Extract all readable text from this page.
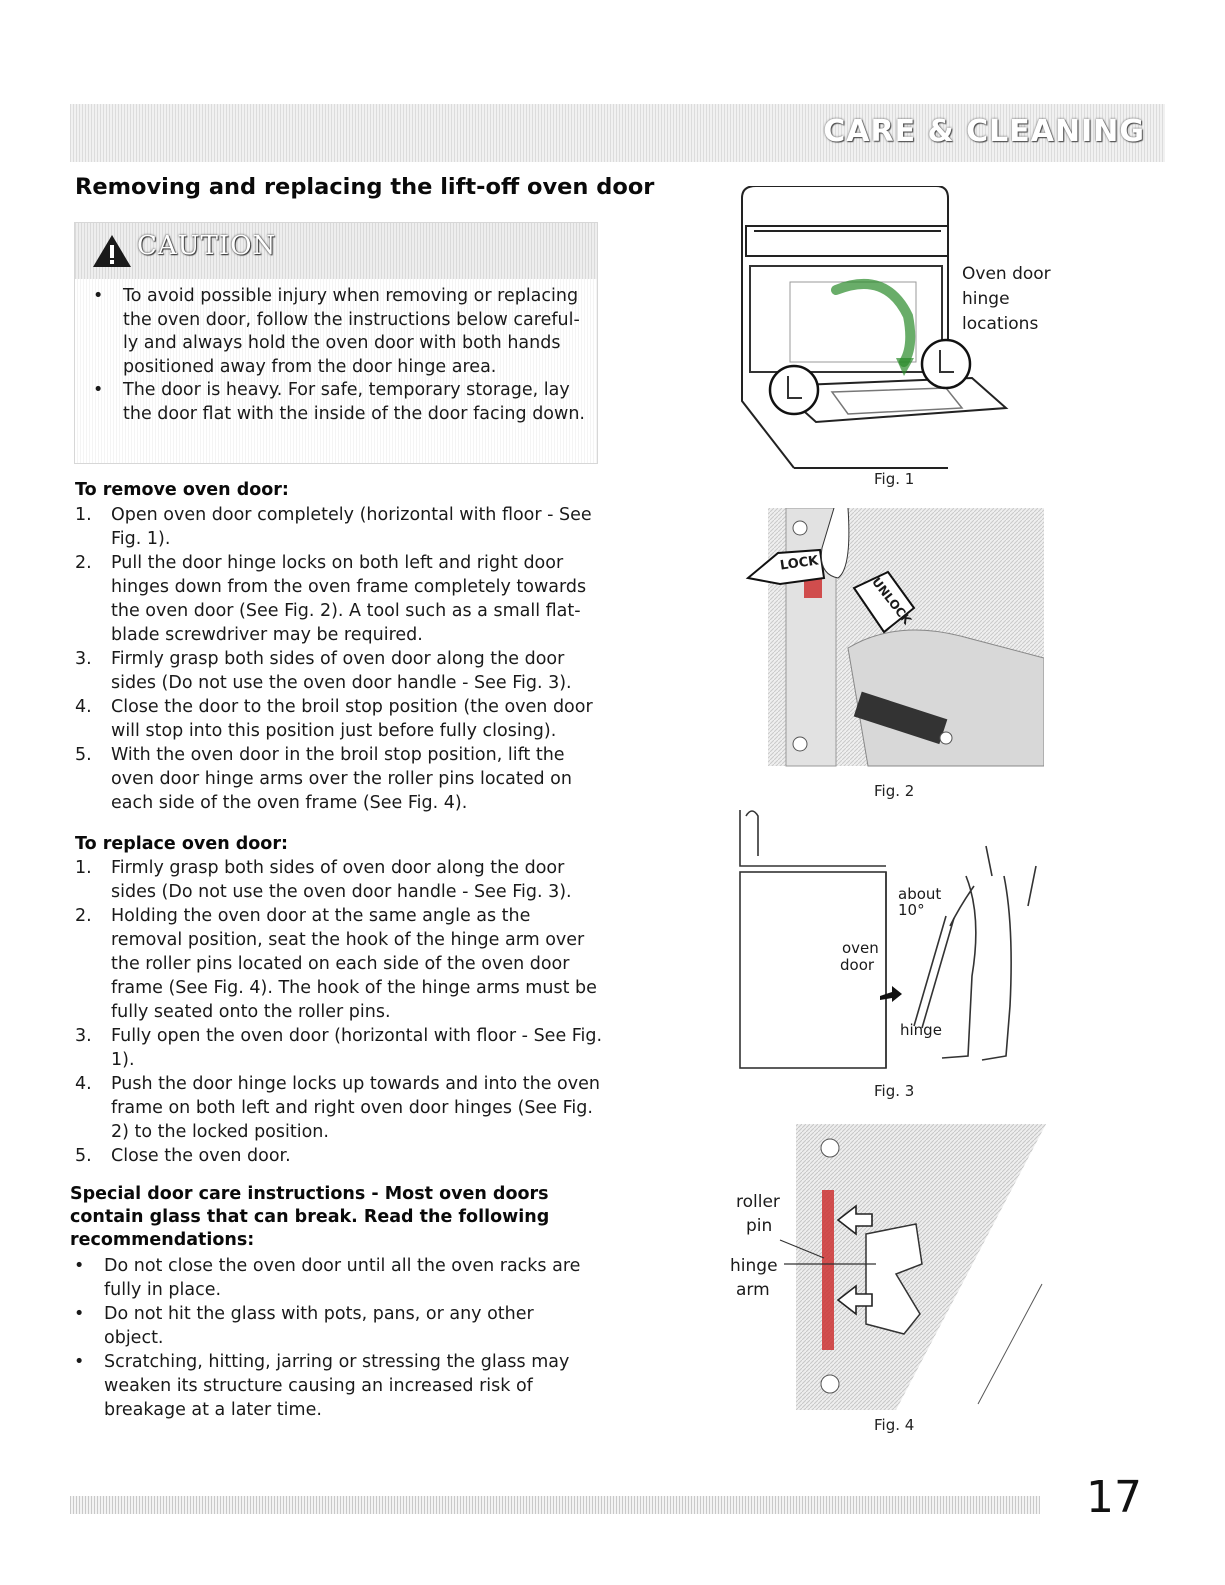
CARE & CLEANING
Removing and replacing the lift-off oven door
CAUTION
• To avoid possible injury when removing or replacing the oven door, follow the instructions below careful-ly and always hold the oven door with both hands positioned away from the door hinge area.
• The door is heavy. For safe, temporary storage, lay the door flat with the inside of the door facing down.

To remove oven door:

1. Open oven door completely (horizontal with floor - See Fig. 1).
2. Pull the door hinge locks on both left and right door hinges down from the oven frame completely towards the oven door (See Fig. 2). A tool such as a small flat-blade screwdriver may be required.
3. Firmly grasp both sides of oven door along the door sides (Do not use the oven door handle - See Fig. 3).
4. Close the door to the broil stop position (the oven door will stop into this position just before fully closing).
5. With the oven door in the broil stop position, lift the oven door hinge arms over the roller pins located on each side of the oven frame (See Fig. 4).

To replace oven door:

1. Firmly grasp both sides of oven door along the door sides (Do not use the oven door handle - See Fig. 3).
2. Holding the oven door at the same angle as the removal position, seat the hook of the hinge arm over the roller pins located on each side of the oven door frame (See Fig. 4). The hook of the hinge arms must be fully seated onto the roller pins.
3. Fully open the oven door (horizontal with floor - See Fig. 1).
4. Push the door hinge locks up towards and into the oven frame on both left and right oven door hinges (See Fig. 2) to the locked position.
5. Close the oven door.

Special door care instructions - Most oven doors contain glass that can break. Read the following recommendations:

• Do not close the oven door until all the oven racks are fully in place.
• Do not hit the glass with pots, pans, or any other object.
• Scratching, hitting, jarring or stressing the glass may weaken its structure causing an increased risk of breakage at a later time.
Oven door
hinge
locations
Fig. 1
LOCK
UNLOCK
Fig. 2
about
10°
oven
door
hinge
Fig. 3
roller
pin
hinge
arm
Fig. 4
17
